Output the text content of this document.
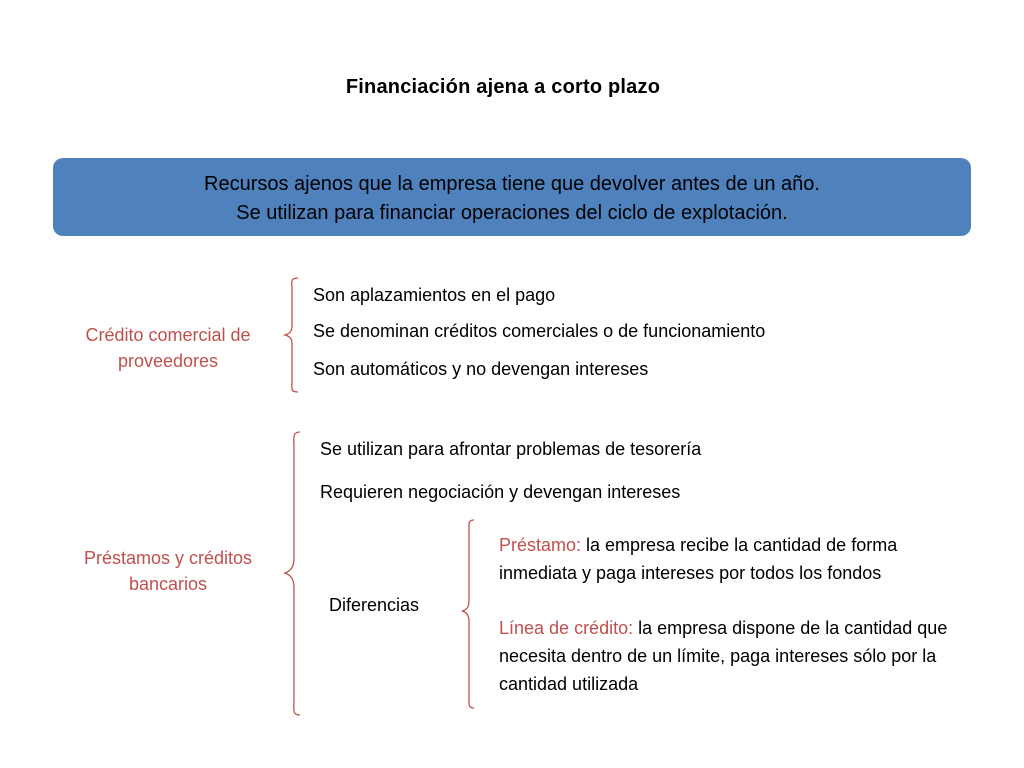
Financiación ajena a corto plazo
Recursos ajenos que la empresa tiene que devolver antes de un año.
Se utilizan para financiar operaciones del ciclo de explotación.
Crédito comercial de
proveedores
Son aplazamientos en el pago
Se denominan créditos comerciales o de funcionamiento
Son automáticos y no devengan intereses
Préstamos y créditos
bancarios
Se utilizan para afrontar problemas de tesorería
Requieren negociación y devengan intereses
Diferencias
Préstamo: la empresa recibe la cantidad de forma inmediata y paga intereses por todos los fondos
Línea de crédito: la empresa dispone de la cantidad que necesita dentro de un límite, paga intereses sólo por la cantidad utilizada
